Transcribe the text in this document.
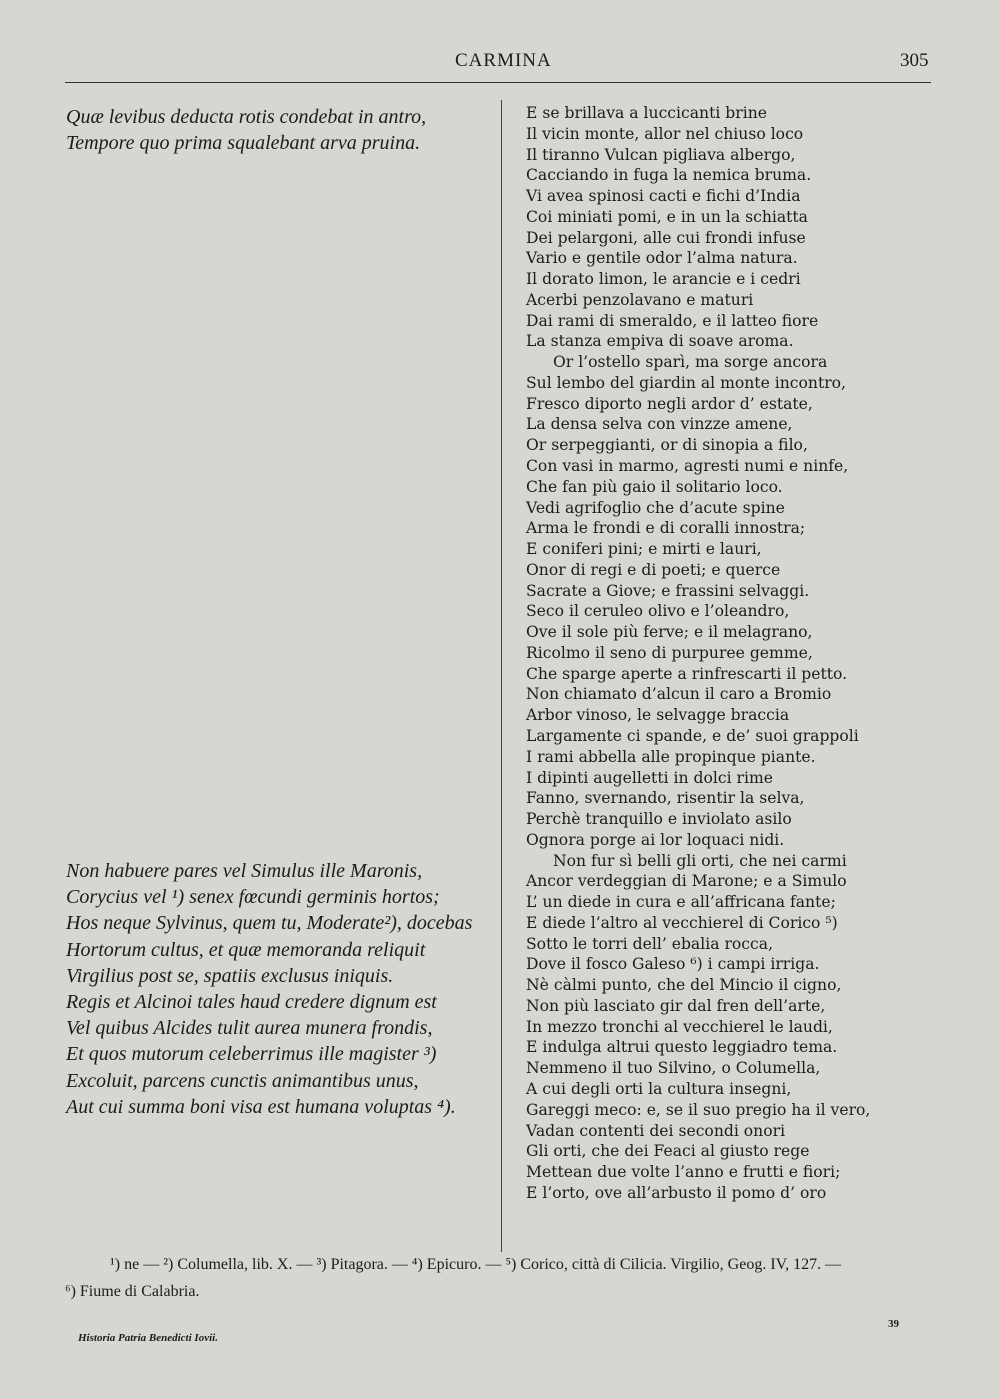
CARMINA	305
Quæ levibus deducta rotis condebat in antro,
Tempore quo prima squalebant arva pruina.
Non habuere pares vel Simulus ille Maronis,
Corycius vel ¹) senex fœcundi germinis hortos;
Hos neque Sylvinus, quem tu, Moderate²), docebas
Hortorum cultus, et quæ memoranda reliquit
Virgilius post se, spatiis exclusus iniquis.
Regis et Alcinoi tales haud credere dignum est
Vel quibus Alcides tulit aurea munera frondis,
Et quos mutorum celeberrimus ille magister ³)
Excoluit, parcens cunctis animantibus unus,
Aut cui summa boni visa est humana voluptas ⁴).
E se brillava a luccicanti brine
Il vicin monte, allor nel chiuso loco
Il tiranno Vulcan pigliava albergo,
Cacciando in fuga la nemica bruma.
Vi avea spinosi cacti e fichi d’India
Coi miniati pomi, e in un la schiatta
Dei pelargoni, alle cui frondi infuse
Vario e gentile odor l’alma natura.
Il dorato limon, le arancie e i cedri
Acerbi penzolavano e maturi
Dai rami di smeraldo, e il latteo fiore
La stanza empiva di soave aroma.
Or l’ostello sparì, ma sorge ancora
Sul lembo del giardin al monte incontro,
Fresco diporto negli ardor d’ estate,
La densa selva con vinzze amene,
Or serpeggianti, or di sinopia a filo,
Con vasi in marmo, agresti numi e ninfe,
Che fan più gaio il solitario loco.
Vedi agrifoglio che d’acute spine
Arma le frondi e di coralli innostra;
E coniferi pini; e mirti e lauri,
Onor di regi e di poeti; e querce
Sacrate a Giove; e frassini selvaggi.
Seco il ceruleo olivo e l’oleandro,
Ove il sole più ferve; e il melagrano,
Ricolmo il seno di purpuree gemme,
Che sparge aperte a rinfrescarti il petto.
Non chiamato d’alcun il caro a Bromio
Arbor vinoso, le selvagge braccia
Largamente ci spande, e de’ suoi grappoli
I rami abbella alle propinque piante.
I dipinti augelletti in dolci rime
Fanno, svernando, risentir la selva,
Perchè tranquillo e inviolato asilo
Ognora porge ai lor loquaci nidi.
Non fur sì belli gli orti, che nei carmi
Ancor verdeggian di Marone; e a Simulo
L’ un diede in cura e all’affricana fante;
E diede l’altro al vecchierel di Corico ⁵)
Sotto le torri dell’ ebalia rocca,
Dove il fosco Galeso ⁶) i campi irriga.
Nè càlmi punto, che del Mincio il cigno,
Non più lasciato gir dal fren dell’arte,
In mezzo tronchi al vecchierel le laudi,
E indulga altrui questo leggiadro tema.
Nemmeno il tuo Silvino, o Columella,
A cui degli orti la cultura insegni,
Gareggi meco: e, se il suo pregio ha il vero,
Vadan contenti dei secondi onori
Gli orti, che dei Feaci al giusto rege
Mettean due volte l’anno e frutti e fiori;
E l’orto, ove all’arbusto il pomo d’ oro
¹) ne — ²) Columella, lib. X. — ³) Pitagora. — ⁴) Epicuro. — ⁵) Corico, città di Cilicia. Virgilio, Geog. IV, 127. —
⁶) Fiume di Calabria.
39
Historia Patria Benedicti Iovii.
